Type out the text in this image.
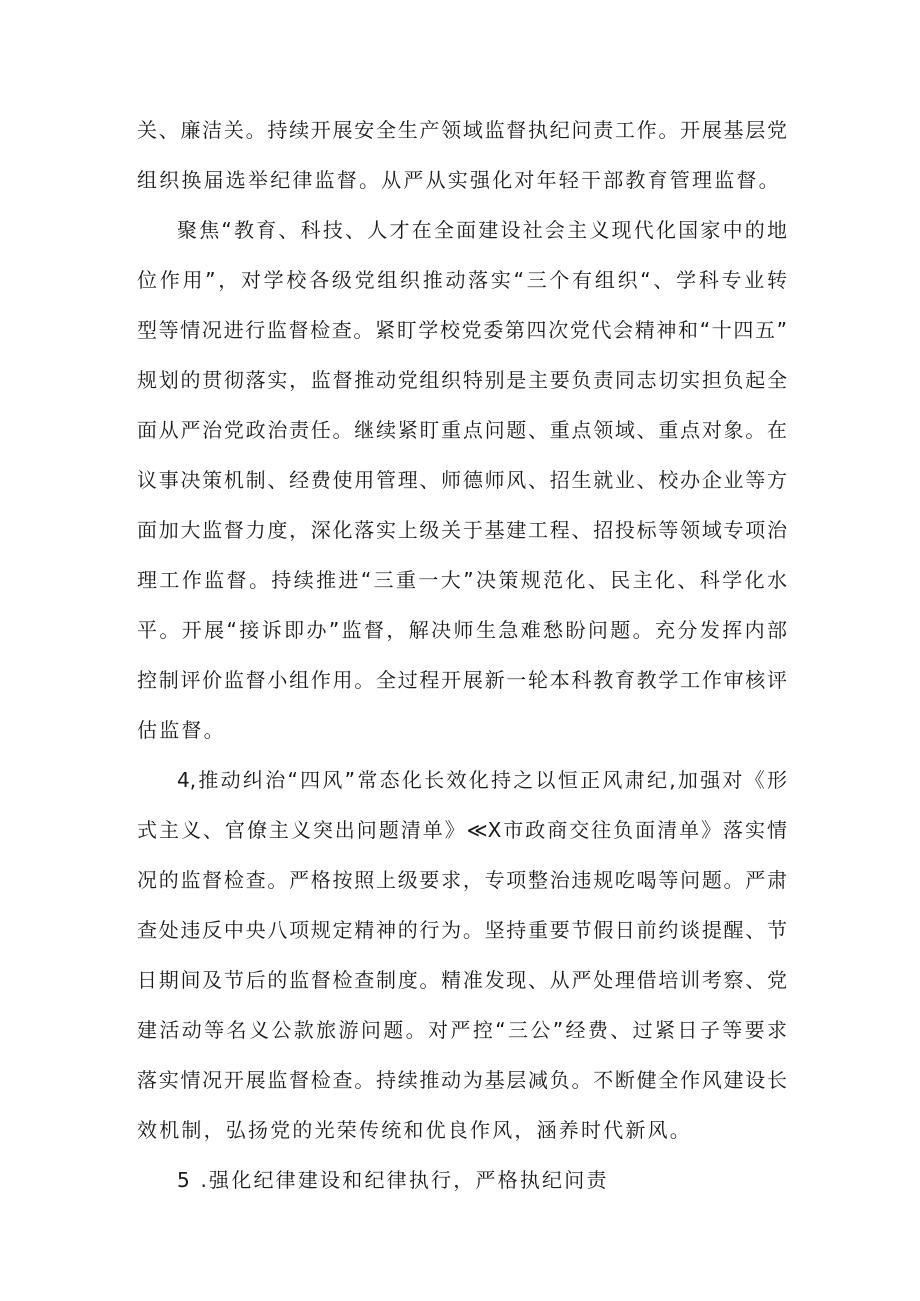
关、廉洁关。持续开展安全生产领域监督执纪问责工作。开展基层党
组织换届选举纪律监督。从严从实强化对年轻干部教育管理监督。
聚焦“教育、科技、人才在全面建设社会主义现代化国家中的地
位作用”，对学校各级党组织推动落实“三个有组织“、学科专业转
型等情况进行监督检查。紧盯学校党委第四次党代会精神和“十四五”
规划的贯彻落实，监督推动党组织特别是主要负责同志切实担负起全
面从严治党政治责任。继续紧盯重点问题、重点领域、重点对象。在
议事决策机制、经费使用管理、师德师风、招生就业、校办企业等方
面加大监督力度，深化落实上级关于基建工程、招投标等领域专项治
理工作监督。持续推进“三重一大”决策规范化、民主化、科学化水
平。开展“接诉即办”监督，解决师生急难愁盼问题。充分发挥内部
控制评价监督小组作用。全过程开展新一轮本科教育教学工作审核评
估监督。
4,推动纠治“四风”常态化长效化持之以恒正风肃纪,加强对《形
式主义、官僚主义突出问题清单》≪X市政商交往负面清单》落实情
况的监督检查。严格按照上级要求，专项整治违规吃喝等问题。严肃
查处违反中央八项规定精神的行为。坚持重要节假日前约谈提醒、节
日期间及节后的监督检查制度。精准发现、从严处理借培训考察、党
建活动等名义公款旅游问题。对严控“三公”经费、过紧日子等要求
落实情况开展监督检查。持续推动为基层减负。不断健全作风建设长
效机制，弘扬党的光荣传统和优良作风，涵养时代新风。
5 .强化纪律建设和纪律执行，严格执纪问责
